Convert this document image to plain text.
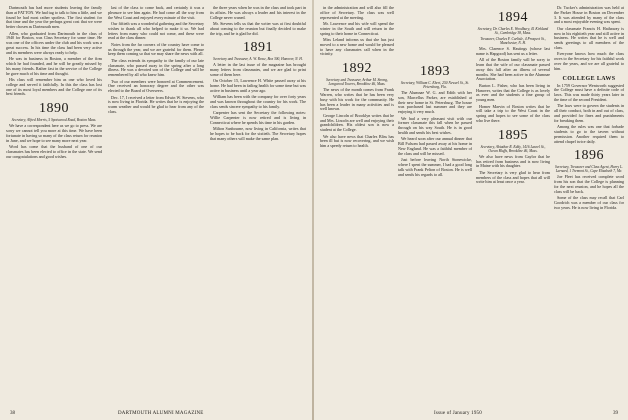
Dartmouth has had more students leaving the family than at FATTON. We had tug to talk to him a little, and we found he had most rather spotless. The first student for that time and the year the perhaps great cost that we were better chosen as Dartmouth men.

Allen, who graduated from Dartmouth in the class of 1940 for Boston, was Class Secretary for some time. He was one of the officers under the club and his work was a great success. In his time the class had been very active and its members were always ready to help.

He was in business in Boston, a member of the firm which he had founded, and he will be greatly missed by his many friends. Rather fast in the service of the College he gave much of his time and thought.

His class will remember him as one who loved his college and served it faithfully. In this the class has lost one of its most loyal members and the College one of its best friends.

1890
Secretary, Alfred Morris, 5 Spotswood Road, Boston Mass.

We have a correspondent here as we go to press. We are sorry we cannot tell you more at this time. We have been fortunate in having so many of the class return for reunion in June, and we hope to see many more next year.

Word has come that the husband of one of our classmates has been elected to office in the state. We send our congratulations and good wishes.

last of the class to come back, and certainly it was a pleasure to see him again. He had come all the way from the West Coast and enjoyed every minute of the visit.

Our fiftieth was a wonderful gathering and the Secretary wishes to thank all who helped to make it so. We had letters from many who could not come, and these were read at the class dinner.

Notes from the far corners of the country have come to us through the year, and we are grateful for them. Please keep them coming so that we may share the news with all.

The class extends its sympathy to the family of our late classmate, who passed away in the spring after a long illness. He was a devoted son of the College and will be remembered by all who knew him.

Two of our members were honored at Commencement. One received an honorary degree and the other was elected to the Board of Overseers.

Dec. 17, I received a letter from Edwin W. Stevens, who is now living in Florida. He writes that he is enjoying the warm weather and would be glad to hear from any of the class.

the three years when he was in the class and took part in its affairs. He was always a leader and his interest in the College never waned.

Mr. Stevens tells us that the writer was at first doubtful about coming to the reunion but finally decided to make the trip, and he is glad he did.

1891
Secretary and Treasurer, A. W. Rowe, Box 300, Hanover, N. H.

A letter in the last issue of the magazine has brought many letters from classmates, and we are glad to print some of them here.

On October 15, Lawrence H. White passed away at his home. He had been in failing health for some time but was active in business until a year ago.

William has been with the company for over forty years and was known throughout the country for his work. The class sends sincere sympathy to his family.

Carpenter has sent the Secretary the following notes: Willie Carpenter is now retired and is living in Connecticut where he spends his time in his garden.

Milton Sanbourne, now living in California, writes that he hopes to be back for the sixtieth. The Secretary hopes that many others will make the same plan.

38	DARTMOUTH ALUMNI MAGAZINE

in the administration and will also fill the office of Secretary. The class was well represented at the meeting.

Mr. Lawrence and his wife will spend the winter in the South and will return in the spring to their home in Connecticut.

Miss Leland informs us that she has just moved to a new home and would be pleased to have any classmates call when in the vicinity.

1892
Secretary and Treasurer, Arthur M. Strong, Longwood Towers, Brookline 46, Mass.

The news of the month comes from Frank Warren, who writes that he has been very busy with his work for the community. He has been a leader in many activities and is well known.

George Lincoln of Brooklyn writes that he and Mrs. Lincoln are well and enjoying their grandchildren. His oldest son is now a student at the College.

We also have news that Charles Bliss has been ill but is now recovering, and we wish him a speedy return to health.

1893
Secretary, William C. Ebert, 250 Neweel St., St. Petersburg, Fla.

The Alumnae W. G. and Edith with her son, Marcellus Parker, are established at their new home in St. Petersburg. The house was purchased last summer and they are enjoying it very much.

We had a very pleasant visit with our former classmate this fall when he passed through on his way South. He is in good health and sends his best wishes.

We heard soon after our annual dinner that Bill Fulsom had passed away at his home in New England. He was a faithful member of the class and will be missed.

Just before leaving North Stonewicke, where I spent the summer, I had a good long talk with Frank Pelton of Boston. He is well and sends his regards to all.

1894
Secretary, Dr. Charles E. Woodbury, 41 Kirkland St., Cambridge 38, Mass.
Treasurer, Charles F. Carlisle, 4 Prospect St., Manchester, N. H.

Mrs. Clarence S. Hastings (whose last name is Hapgood) has sent us a letter.

All of the Boston family will be sorry to learn that the wife of our classmate passed away this fall after an illness of several months. She had been active in the Alumnae Association.

Burton L. Fisher, who has been living in Hanover, writes that the College is as lovely as ever and the students a fine group of young men.

Homer Marvin of Boston writes that he will take a trip to the West Coast in the spring and hopes to see some of the class who live there.

1895
Secretary, Abiathar R. Eddy, 1416 Laurel St., Ocean Bluffs, Brookline 46, Mass.

We also have news from Gaylor that he has retired from business and is now living in Maine with his daughter.

The Secretary is very glad to hear from members of the class and hopes that all will write him at least once a year.

Dr. Tucker's administration was held at the Parker House in Boston on December 3. It was attended by many of the class and a most enjoyable evening was spent.

Our classmate Francis H. Hathaway is now in his eightieth year and still active in business. He writes that he is well and sends greetings to all members of the class.

Everyone knows how much the class owes to the Secretary for his faithful work over the years, and we are all grateful to him.

COLLEGE LAWS

In 1759 Governor Wentworth suggested the College must have a definite code of laws. This was made thirty years later in the time of the second President.

The laws were to govern the students in all their conduct, both in and out of class, and provided for fines and punishments for breaking them.

Among the rules was one that forbade students to go to the tavern without permission. Another required them to attend chapel twice daily.

1896
Secretary, Treasurer and Class Agent, Harry L. Larnard, 1 Tremont St., Cape Elizabeth 7, Me.

Joe Fleet has received complete word from his son that the College is planning for the next reunion, and he hopes all the class will be back.

Some of the class may recall that Carl Goodrich was a member of our class for two years. He is now living in Florida.

Issue of January 1950	39
